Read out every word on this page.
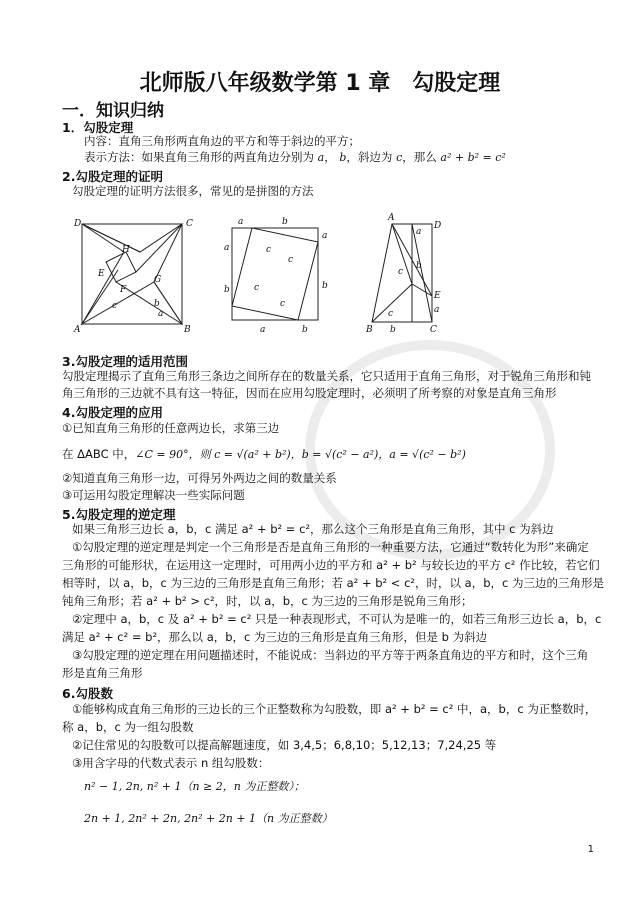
北师版八年级数学第 1 章　勾股定理
一．知识归纳
1．勾股定理
内容：直角三角形两直角边的平方和等于斜边的平方；
表示方法：如果直角三角形的两直角边分别为 a， b，斜边为 c，那么 a² + b² = c²
2.勾股定理的证明
勾股定理的证明方法很多，常见的是拼图的方法
D	C
A	B
H
E
G
F
c	b
a
a	b
a
b
a
b
a	b
c
c
c
c
A
D
E
B	C
a
b
c
a
c
b
3.勾股定理的适用范围
勾股定理揭示了直角三角形三条边之间所存在的数量关系，它只适用于直角三角形，对于锐角三角形和钝
角三角形的三边就不具有这一特征，因而在应用勾股定理时，必须明了所考察的对象是直角三角形
4.勾股定理的应用
①已知直角三角形的任意两边长，求第三边
在 ΔABC 中，∠C = 90°，则 c = √(a² + b²)，b = √(c² − a²)，a = √(c² − b²)
②知道直角三角形一边，可得另外两边之间的数量关系
③可运用勾股定理解决一些实际问题
5.勾股定理的逆定理
如果三角形三边长 a，b，c 满足 a² + b² = c²，那么这个三角形是直角三角形，其中 c 为斜边
①勾股定理的逆定理是判定一个三角形是否是直角三角形的一种重要方法，它通过“数转化为形”来确定
三角形的可能形状，在运用这一定理时，可用两小边的平方和 a² + b² 与较长边的平方 c² 作比较，若它们
相等时，以 a，b，c 为三边的三角形是直角三角形；若 a² + b² < c²，时，以 a，b，c 为三边的三角形是
钝角三角形；若 a² + b² > c²，时，以 a，b，c 为三边的三角形是锐角三角形；
②定理中 a，b，c 及 a² + b² = c² 只是一种表现形式，不可认为是唯一的，如若三角形三边长 a，b，c
满足 a² + c² = b²，那么以 a，b，c 为三边的三角形是直角三角形，但是 b 为斜边
③勾股定理的逆定理在用问题描述时，不能说成：当斜边的平方等于两条直角边的平方和时，这个三角
形是直角三角形
6.勾股数
①能够构成直角三角形的三边长的三个正整数称为勾股数，即 a² + b² = c² 中，a，b，c 为正整数时，
称 a，b，c 为一组勾股数
②记住常见的勾股数可以提高解题速度，如 3,4,5；6,8,10；5,12,13；7,24,25 等
③用含字母的代数式表示 n 组勾股数：
n² − 1, 2n, n² + 1（n ≥ 2，n 为正整数）；
2n + 1, 2n² + 2n, 2n² + 2n + 1（n 为正整数）
1
